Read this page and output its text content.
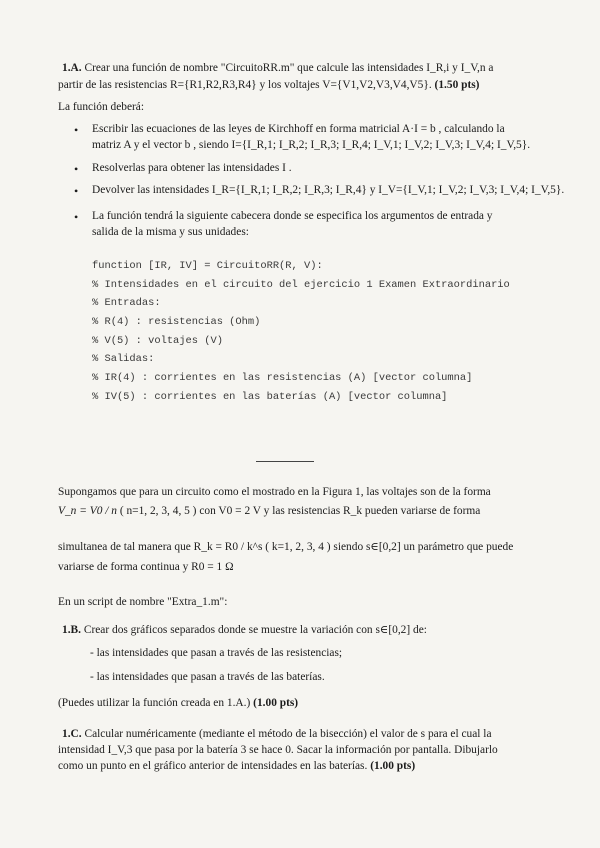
1.A. Crear una función de nombre "CircuitoRR.m" que calcule las intensidades I_R,i y I_V,n a
partir de las resistencias R={R1,R2,R3,R4} y los voltajes V={V1,V2,V3,V4,V5}. (1.50 pts)
La función deberá:
• Escribir las ecuaciones de las leyes de Kirchhoff en forma matricial A·I = b , calculando la
matriz A y el vector b , siendo I={I_R,1; I_R,2; I_R,3; I_R,4; I_V,1; I_V,2; I_V,3; I_V,4; I_V,5}.
• Resolverlas para obtener las intensidades I .
• Devolver las intensidades I_R={I_R,1; I_R,2; I_R,3; I_R,4} y I_V={I_V,1; I_V,2; I_V,3; I_V,4; I_V,5}.
• La función tendrá la siguiente cabecera donde se especifica los argumentos de entrada y
salida de la misma y sus unidades:
function [IR, IV] = CircuitoRR(R, V):
% Intensidades en el circuito del ejercicio 1 Examen Extraordinario
% Entradas:
% R(4) : resistencias (Ohm)
% V(5) : voltajes (V)
% Salidas:
% IR(4) : corrientes en las resistencias (A) [vector columna]
% IV(5) : corrientes en las baterías (A) [vector columna]
Supongamos que para un circuito como el mostrado en la Figura 1, las voltajes son de la forma
V_n = V0 / n ( n=1, 2, 3, 4, 5 ) con V0 = 2 V y las resistencias R_k pueden variarse de forma
simultanea de tal manera que R_k = R0 / k^s ( k=1, 2, 3, 4 ) siendo s∈[0,2] un parámetro que puede
variarse de forma continua y R0 = 1 Ω
En un script de nombre "Extra_1.m":
1.B. Crear dos gráficos separados donde se muestre la variación con s∈[0,2] de:
- las intensidades que pasan a través de las resistencias;
- las intensidades que pasan a través de las baterías.
(Puedes utilizar la función creada en 1.A.) (1.00 pts)
1.C. Calcular numéricamente (mediante el método de la bisección) el valor de s para el cual la
intensidad I_V,3 que pasa por la batería 3 se hace 0. Sacar la información por pantalla. Dibujarlo
como un punto en el gráfico anterior de intensidades en las baterías. (1.00 pts)
